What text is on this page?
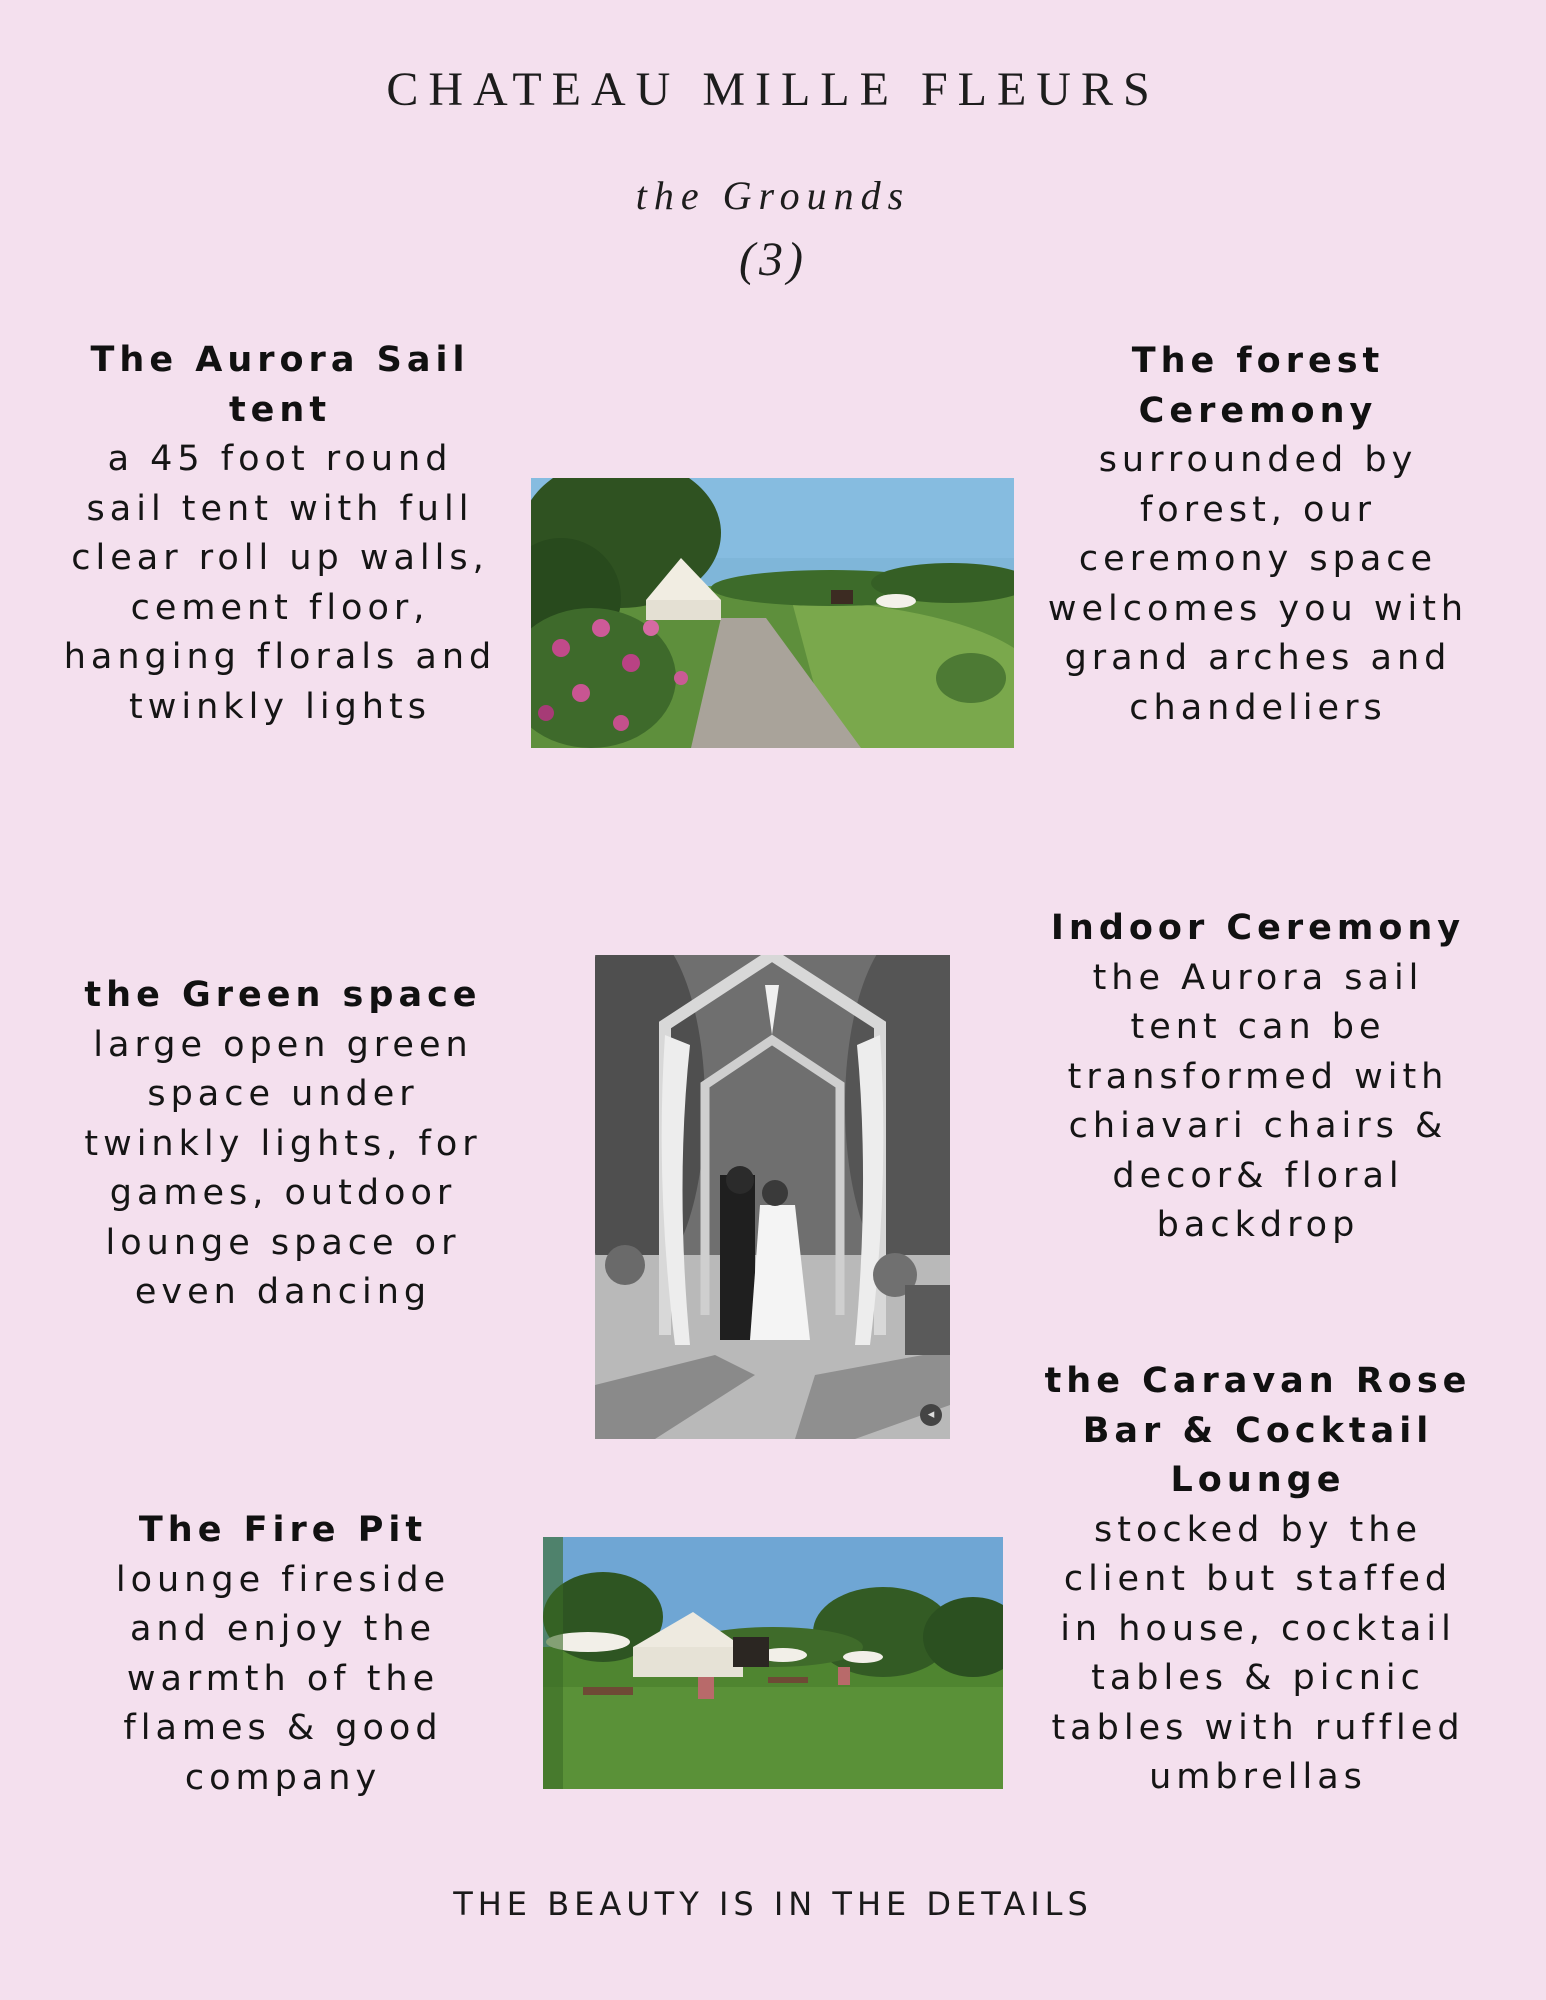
CHATEAU MILLE FLEURS
the Grounds
(3)
The Aurora Sail
tent
a 45 foot round
sail tent with full
clear roll up walls,
cement floor,
hanging florals and
twinkly lights
The forest
Ceremony
surrounded by
forest, our
ceremony space
welcomes you with
grand arches and
chandeliers
the Green space
large open green
space under
twinkly lights, for
games, outdoor
lounge space or
even dancing
Indoor Ceremony
the Aurora sail
tent can be
transformed with
chiavari chairs &
decor& floral
backdrop
the Caravan Rose
Bar & Cocktail
Lounge
stocked by the
client but staffed
in house, cocktail
tables & picnic
tables with ruffled
umbrellas
The Fire Pit
lounge fireside
and enjoy the
warmth of the
flames & good
company
◂
THE BEAUTY IS IN THE DETAILS
